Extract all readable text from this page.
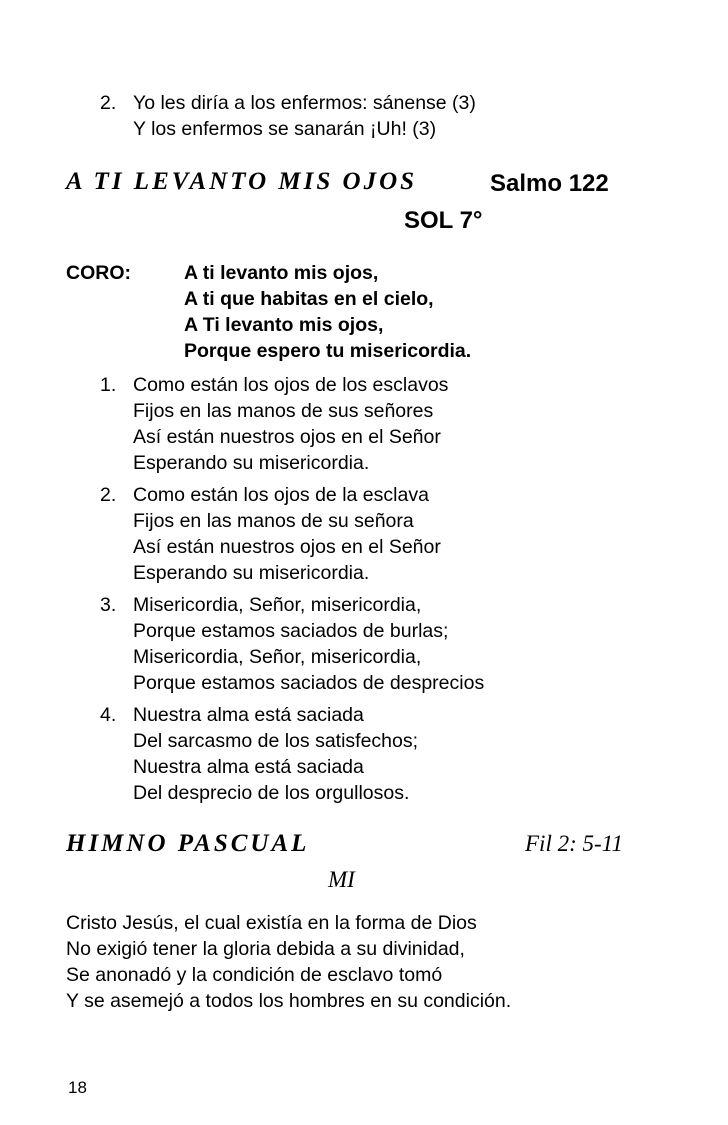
2. Yo les diría a los enfermos: sánense (3)
Y los enfermos se sanarán ¡Uh! (3)
A TI LEVANTO MIS OJOS	Salmo 122
SOL 7°
CORO:	A ti levanto mis ojos,
A ti que habitas en el cielo,
A Ti levanto mis ojos,
Porque espero tu misericordia.
1. Como están los ojos de los esclavos
Fijos en las manos de sus señores
Así están nuestros ojos en el Señor
Esperando su misericordia.
2. Como están los ojos de la esclava
Fijos en las manos de su señora
Así están nuestros ojos en el Señor
Esperando su misericordia.
3. Misericordia, Señor, misericordia,
Porque estamos saciados de burlas;
Misericordia, Señor, misericordia,
Porque estamos saciados de desprecios
4. Nuestra alma está saciada
Del sarcasmo de los satisfechos;
Nuestra alma está saciada
Del desprecio de los orgullosos.
HIMNO PASCUAL	Fil 2: 5-11
MI
Cristo Jesús, el cual existía en la forma de Dios
No exigió tener la gloria debida a su divinidad,
Se anonadó y la condición de esclavo tomó
Y se asemejó a todos los hombres en su condición.
18
